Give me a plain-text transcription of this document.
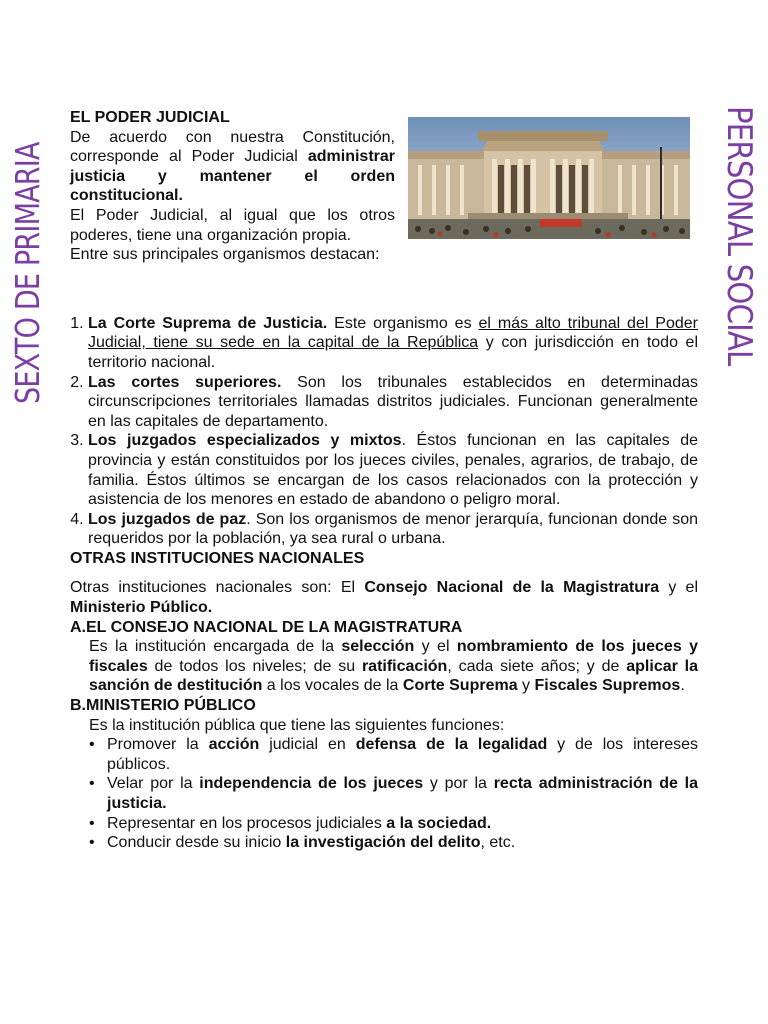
SEXTO DE PRIMARIA	PERSONAL SOCIAL
EL PODER JUDICIAL

De acuerdo con nuestra Constitución, corresponde al Poder Judicial administrar justicia y mantener el orden constitucional.

El Poder Judicial, al igual que los otros poderes, tiene una organización propia.

Entre sus principales organismos destacan:
1. La Corte Suprema de Justicia. Este organismo es el más alto tribunal del Poder Judicial, tiene su sede en la capital de la República y con jurisdicción en todo el territorio nacional.
2. Las cortes superiores. Son los tribunales establecidos en determinadas circunscripciones territoriales llamadas distritos judiciales. Funcionan generalmente en las capitales de departamento.
3. Los juzgados especializados y mixtos. Éstos funcionan en las capitales de provincia y están constituidos por los jueces civiles, penales, agrarios, de trabajo, de familia. Éstos últimos se encargan de los casos relacionados con la protección y asistencia de los menores en estado de abandono o peligro moral.
4. Los juzgados de paz. Son los organismos de menor jerarquía, funcionan donde son requeridos por la población, ya sea rural o urbana.
OTRAS INSTITUCIONES NACIONALES
Otras instituciones nacionales son: El Consejo Nacional de la Magistratura y el Ministerio Público.
A.EL CONSEJO NACIONAL DE LA MAGISTRATURA
Es la institución encargada de la selección y el nombramiento de los jueces y fiscales de todos los niveles; de su ratificación, cada siete años; y de aplicar la sanción de destitución a los vocales de la Corte Suprema y Fiscales Supremos.
B.MINISTERIO PÚBLICO
Es la institución pública que tiene las siguientes funciones:
• Promover la acción judicial en defensa de la legalidad y de los intereses públicos.
• Velar por la independencia de los jueces y por la recta administración de la justicia.
• Representar en los procesos judiciales a la sociedad.
• Conducir desde su inicio la investigación del delito, etc.
